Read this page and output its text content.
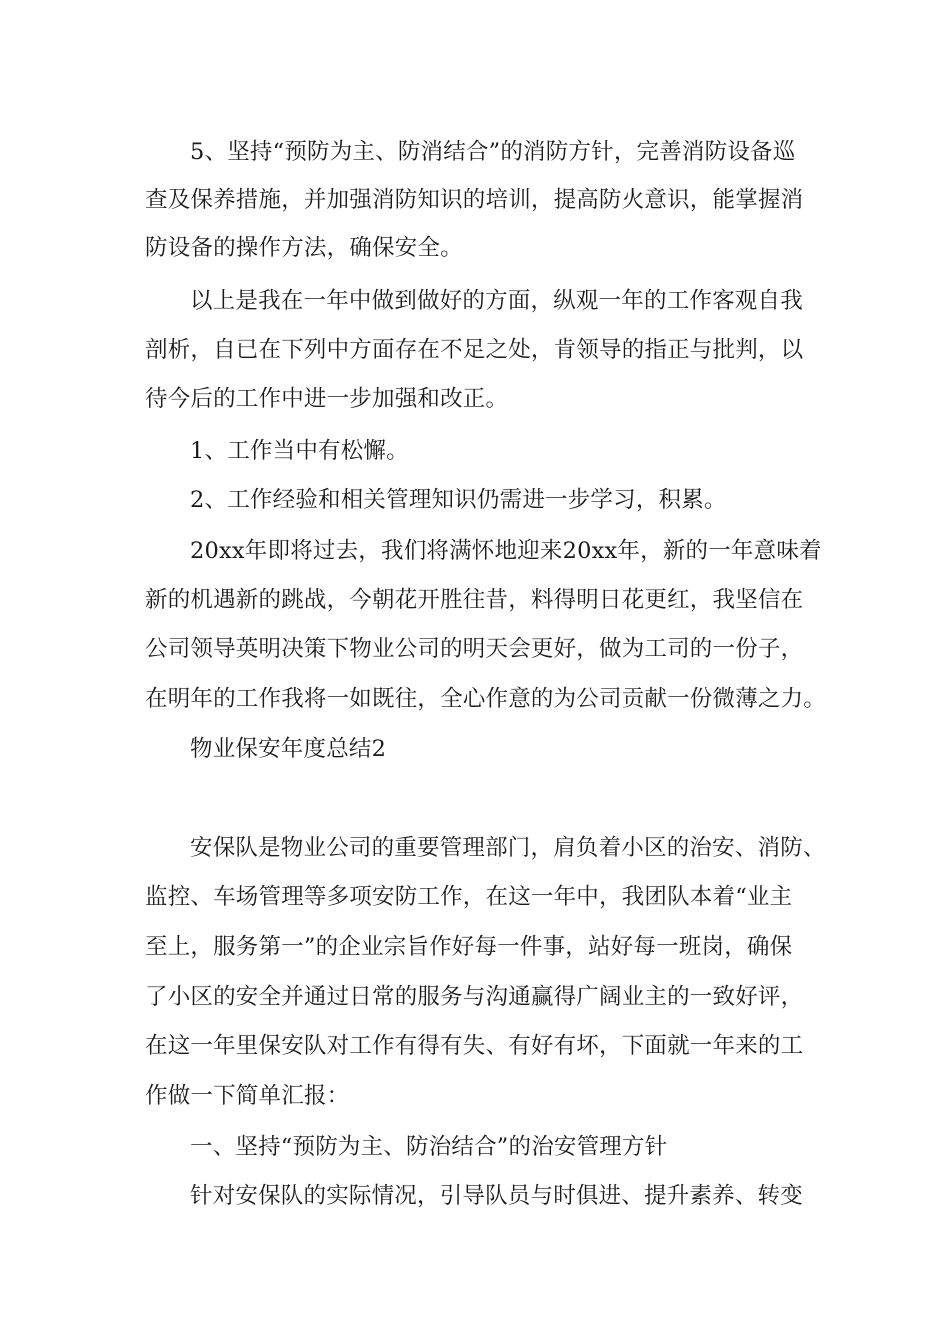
5、坚持“预防为主、防消结合”的消防方针，完善消防设备巡
查及保养措施，并加强消防知识的培训，提高防火意识，能掌握消
防设备的操作方法，确保安全。
以上是我在一年中做到做好的方面，纵观一年的工作客观自我
剖析，自已在下列中方面存在不足之处，肯领导的指正与批判，以
待今后的工作中进一步加强和改正。
1、工作当中有松懈。
2、工作经验和相关管理知识仍需进一步学习，积累。
20xx年即将过去，我们将满怀地迎来20xx年，新的一年意味着
新的机遇新的跳战，今朝花开胜往昔，料得明日花更红，我坚信在
公司领导英明决策下物业公司的明天会更好，做为工司的一份子，
在明年的工作我将一如既往，全心作意的为公司贡献一份微薄之力。
物业保安年度总结2
安保队是物业公司的重要管理部门，肩负着小区的治安、消防、
监控、车场管理等多项安防工作，在这一年中，我团队本着“业主
至上，服务第一”的企业宗旨作好每一件事，站好每一班岗，确保
了小区的安全并通过日常的服务与沟通赢得广阔业主的一致好评，
在这一年里保安队对工作有得有失、有好有坏，下面就一年来的工
作做一下简单汇报：
一、坚持“预防为主、防治结合”的治安管理方针
针对安保队的实际情况，引导队员与时俱进、提升素养、转变
